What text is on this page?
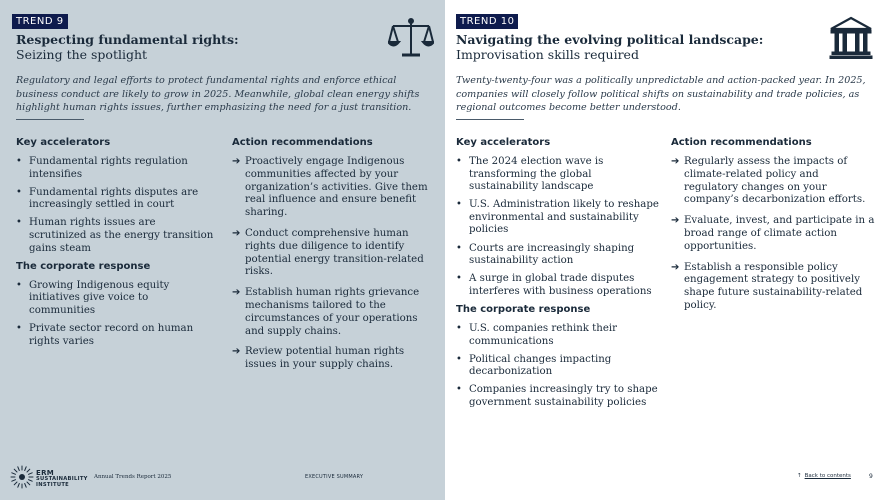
TREND 9
Respecting fundamental rights:
Seizing the spotlight
Regulatory and legal efforts to protect fundamental rights and enforce ethical business conduct are likely to grow in 2025. Meanwhile, global clean energy shifts highlight human rights issues, further emphasizing the need for a just transition.
Key accelerators
• Fundamental rights regulation intensifies
• Fundamental rights disputes are increasingly settled in court
• Human rights issues are scrutinized as the energy transition gains steam
The corporate response
• Growing Indigenous equity initiatives give voice to communities
• Private sector record on human rights varies
Action recommendations
➔ Proactively engage Indigenous communities affected by your organization’s activities. Give them real influence and ensure benefit sharing.
➔ Conduct comprehensive human rights due diligence to identify potential energy transition-related risks.
➔ Establish human rights grievance mechanisms tailored to the circumstances of your operations and supply chains.
➔ Review potential human rights issues in your supply chains.
TREND 10
Navigating the evolving political landscape:
Improvisation skills required
Twenty-twenty-four was a politically unpredictable and action-packed year. In 2025, companies will closely follow political shifts on sustainability and trade policies, as regional outcomes become better understood.
Key accelerators
• The 2024 election wave is transforming the global sustainability landscape
• U.S. Administration likely to reshape environmental and sustainability policies
• Courts are increasingly shaping sustainability action
• A surge in global trade disputes interferes with business operations
The corporate response
• U.S. companies rethink their communications
• Political changes impacting decarbonization
• Companies increasingly try to shape government sustainability policies
Action recommendations
➔ Regularly assess the impacts of climate-related policy and regulatory changes on your company’s decarbonization efforts.
➔ Evaluate, invest, and participate in a broad range of climate action opportunities.
➔ Establish a responsible policy engagement strategy to positively shape future sustainability-related policy.
ERM
SUSTAINABILITY
INSTITUTE
Annual Trends Report 2025	EXECUTIVE SUMMARY	↑ Back to contents	9
